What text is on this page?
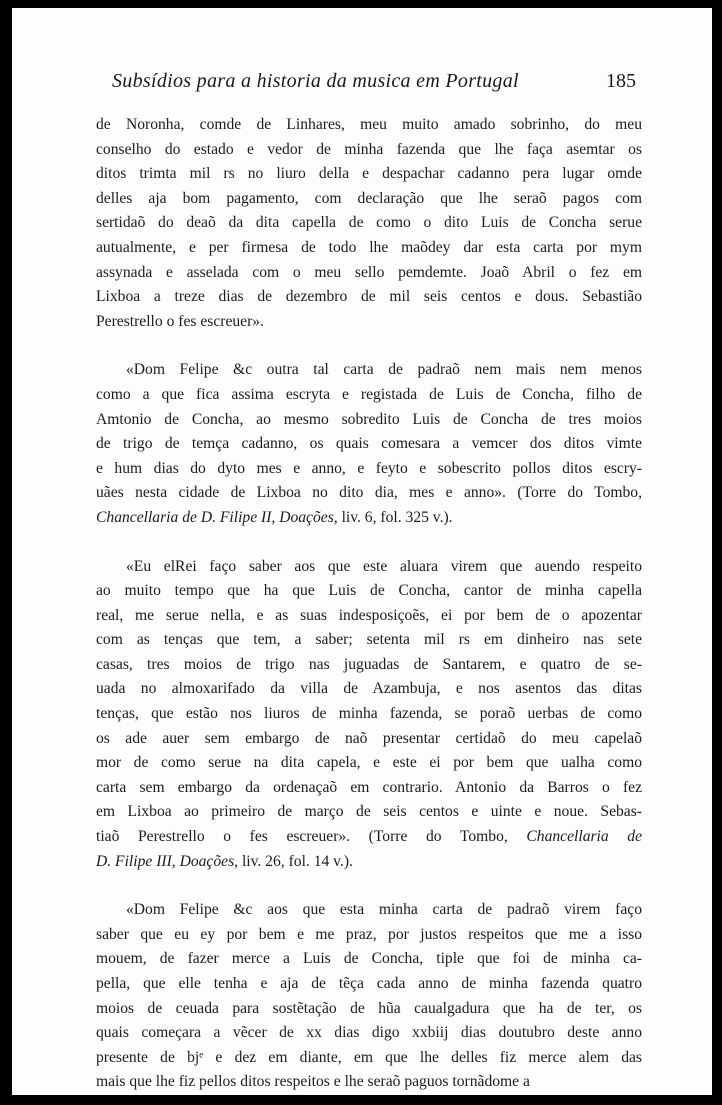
Subsídios para a historia da musica em Portugal	185
de Noronha, comde de Linhares, meu muito amado sobrinho, do meu
conselho do estado e vedor de minha fazenda que lhe faça asemtar os
ditos trimta mil rs no liuro della e despachar cadanno pera lugar omde
delles aja bom pagamento, com declaração que lhe seraõ pagos com
sertidaõ do deaõ da dita capella de como o dito Luis de Concha serue
autualmente, e per firmesa de todo lhe maõdey dar esta carta por mym
assynada e asselada com o meu sello pemdemte. Joaõ Abril o fez em
Lixboa a treze dias de dezembro de mil seis centos e dous. Sebastião
Perestrello o fes escreuer».
«Dom Felipe &c outra tal carta de padraõ nem mais nem menos
como a que fica assima escryta e registada de Luis de Concha, filho de
Amtonio de Concha, ao mesmo sobredito Luis de Concha de tres moios
de trigo de temça cadanno, os quais comesara a vemcer dos ditos vimte
e hum dias do dyto mes e anno, e feyto e sobescrito pollos ditos escry-
uães nesta cidade de Lixboa no dito dia, mes e anno». (Torre do Tombo,
Chancellaria de D. Filipe II, Doações, liv. 6, fol. 325 v.).
«Eu elRei faço saber aos que este aluara virem que auendo respeito
ao muito tempo que ha que Luis de Concha, cantor de minha capella
real, me serue nella, e as suas indesposiçoẽs, ei por bem de o apozentar
com as tenças que tem, a saber; setenta mil rs em dinheiro nas sete
casas, tres moios de trigo nas juguadas de Santarem, e quatro de se-
uada no almoxarifado da villa de Azambuja, e nos asentos das ditas
tenças, que estão nos liuros de minha fazenda, se poraõ uerbas de como
os ade auer sem embargo de naõ presentar certidaõ do meu capelaõ
mor de como serue na dita capela, e este ei por bem que ualha como
carta sem embargo da ordenaçaõ em contrario. Antonio da Barros o fez
em Lixboa ao primeiro de março de seis centos e uinte e noue. Sebas-
tiaõ Perestrello o fes escreuer». (Torre do Tombo, Chancellaria de
D. Filipe III, Doações, liv. 26, fol. 14 v.).
«Dom Felipe &c aos que esta minha carta de padraõ virem faço
saber que eu ey por bem e me praz, por justos respeitos que me a isso
mouem, de fazer merce a Luis de Concha, tiple que foi de minha ca-
pella, que elle tenha e aja de tẽça cada anno de minha fazenda quatro
moios de ceuada para sostẽtação de hũa caualgadura que ha de ter, os
quais começara a vẽcer de xx dias digo xxbiij dias doutubro deste anno
presente de bjᵉ e dez em diante, em que lhe delles fiz merce alem das
mais que lhe fiz pellos ditos respeitos e lhe seraõ paguos tornãdome a
